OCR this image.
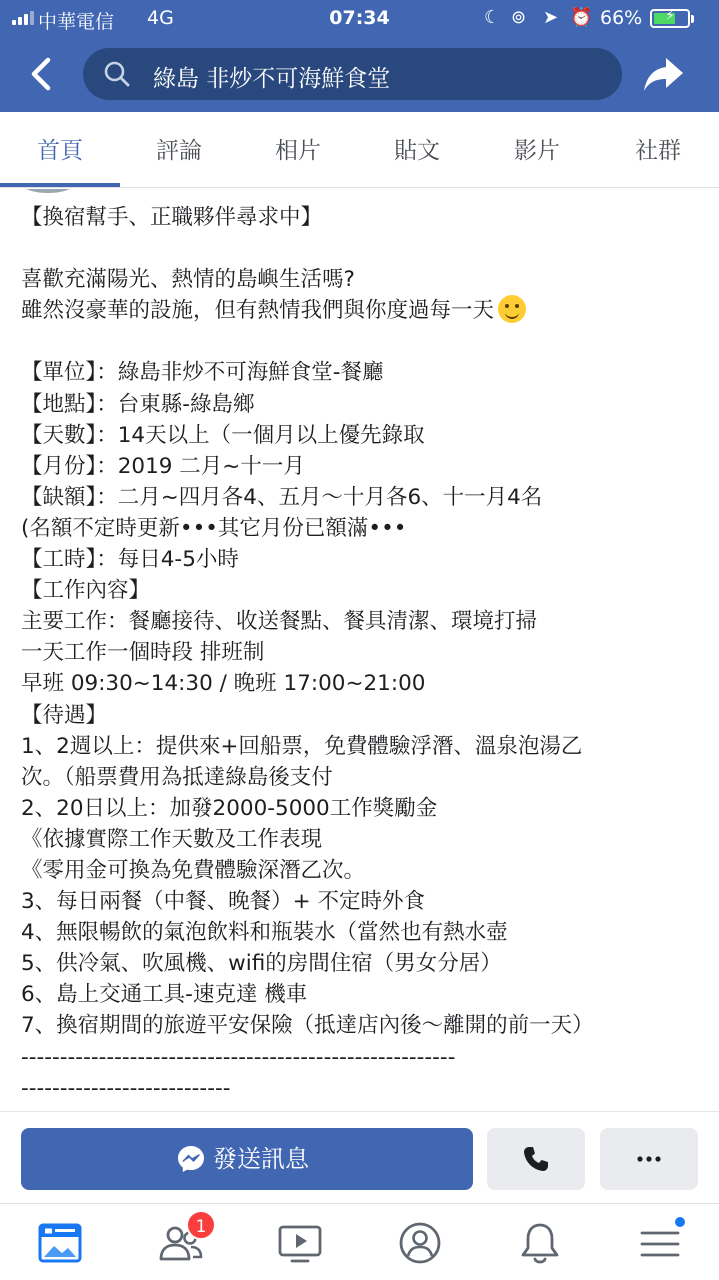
中華電信 4G	07:34	☾ ⊚ ➤ ⏰ 66%	⚡
綠島 非炒不可海鮮食堂
首頁	評論	相片	貼文	影片	社群
【換宿幫手、正職夥伴尋求中】
喜歡充滿陽光、熱情的島嶼生活嗎?
雖然沒豪華的設施，但有熱情我們與你度過每一天
【單位】：綠島非炒不可海鮮食堂-餐廳
【地點】：台東縣-綠島鄉
【天數】：14天以上（一個月以上優先錄取
【月份】：2019 二月~十一月
【缺額】：二月~四月各4、五月～十月各6、十一月4名
(名額不定時更新•••其它月份已額滿•••
【工時】：每日4-5小時
【工作內容】
主要工作：餐廳接待、收送餐點、餐具清潔、環境打掃
一天工作一個時段 排班制
早班 09:30~14:30 / 晚班 17:00~21:00
【待遇】
1、2週以上：提供來+回船票，免費體驗浮潛、溫泉泡湯乙
次。（船票費用為抵達綠島後支付
2、20日以上：加發2000-5000工作獎勵金
《依據實際工作天數及工作表現
《零用金可換為免費體驗深潛乙次。
3、每日兩餐（中餐、晚餐）+ 不定時外食
4、無限暢飲的氣泡飲料和瓶裝水（當然也有熱水壺
5、供冷氣、吹風機、wifi的房間住宿（男女分居）
6、島上交通工具-速克達 機車
7、換宿期間的旅遊平安保險（抵達店內後～離開的前一天）
--------------------------------------------------------
---------------------------
發送訊息
1
